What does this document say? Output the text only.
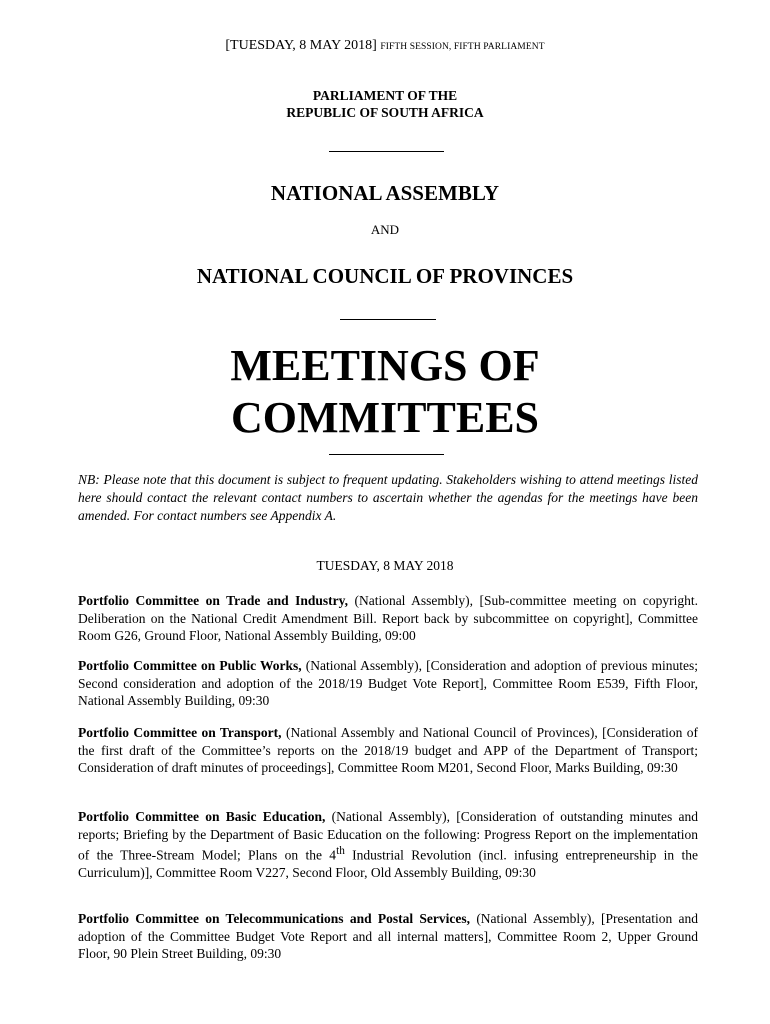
[TUESDAY, 8 MAY 2018] FIFTH SESSION, FIFTH PARLIAMENT
PARLIAMENT OF THE
REPUBLIC OF SOUTH AFRICA
NATIONAL ASSEMBLY
AND
NATIONAL COUNCIL OF PROVINCES
MEETINGS OF
COMMITTEES
NB: Please note that this document is subject to frequent updating. Stakeholders wishing to attend meetings listed here should contact the relevant contact numbers to ascertain whether the agendas for the meetings have been amended. For contact numbers see Appendix A.
TUESDAY, 8 MAY 2018
Portfolio Committee on Trade and Industry, (National Assembly), [Sub-committee meeting on copyright. Deliberation on the National Credit Amendment Bill. Report back by subcommittee on copyright], Committee Room G26, Ground Floor, National Assembly Building, 09:00
Portfolio Committee on Public Works, (National Assembly), [Consideration and adoption of previous minutes; Second consideration and adoption of the 2018/19 Budget Vote Report], Committee Room E539, Fifth Floor, National Assembly Building, 09:30
Portfolio Committee on Transport, (National Assembly and National Council of Provinces), [Consideration of the first draft of the Committee’s reports on the 2018/19 budget and APP of the Department of Transport; Consideration of draft minutes of proceedings], Committee Room M201, Second Floor, Marks Building, 09:30
Portfolio Committee on Basic Education, (National Assembly), [Consideration of outstanding minutes and reports; Briefing by the Department of Basic Education on the following: Progress Report on the implementation of the Three-Stream Model; Plans on the 4th Industrial Revolution (incl. infusing entrepreneurship in the Curriculum)], Committee Room V227, Second Floor, Old Assembly Building, 09:30
Portfolio Committee on Telecommunications and Postal Services, (National Assembly), [Presentation and adoption of the Committee Budget Vote Report and all internal matters], Committee Room 2, Upper Ground Floor, 90 Plein Street Building, 09:30
